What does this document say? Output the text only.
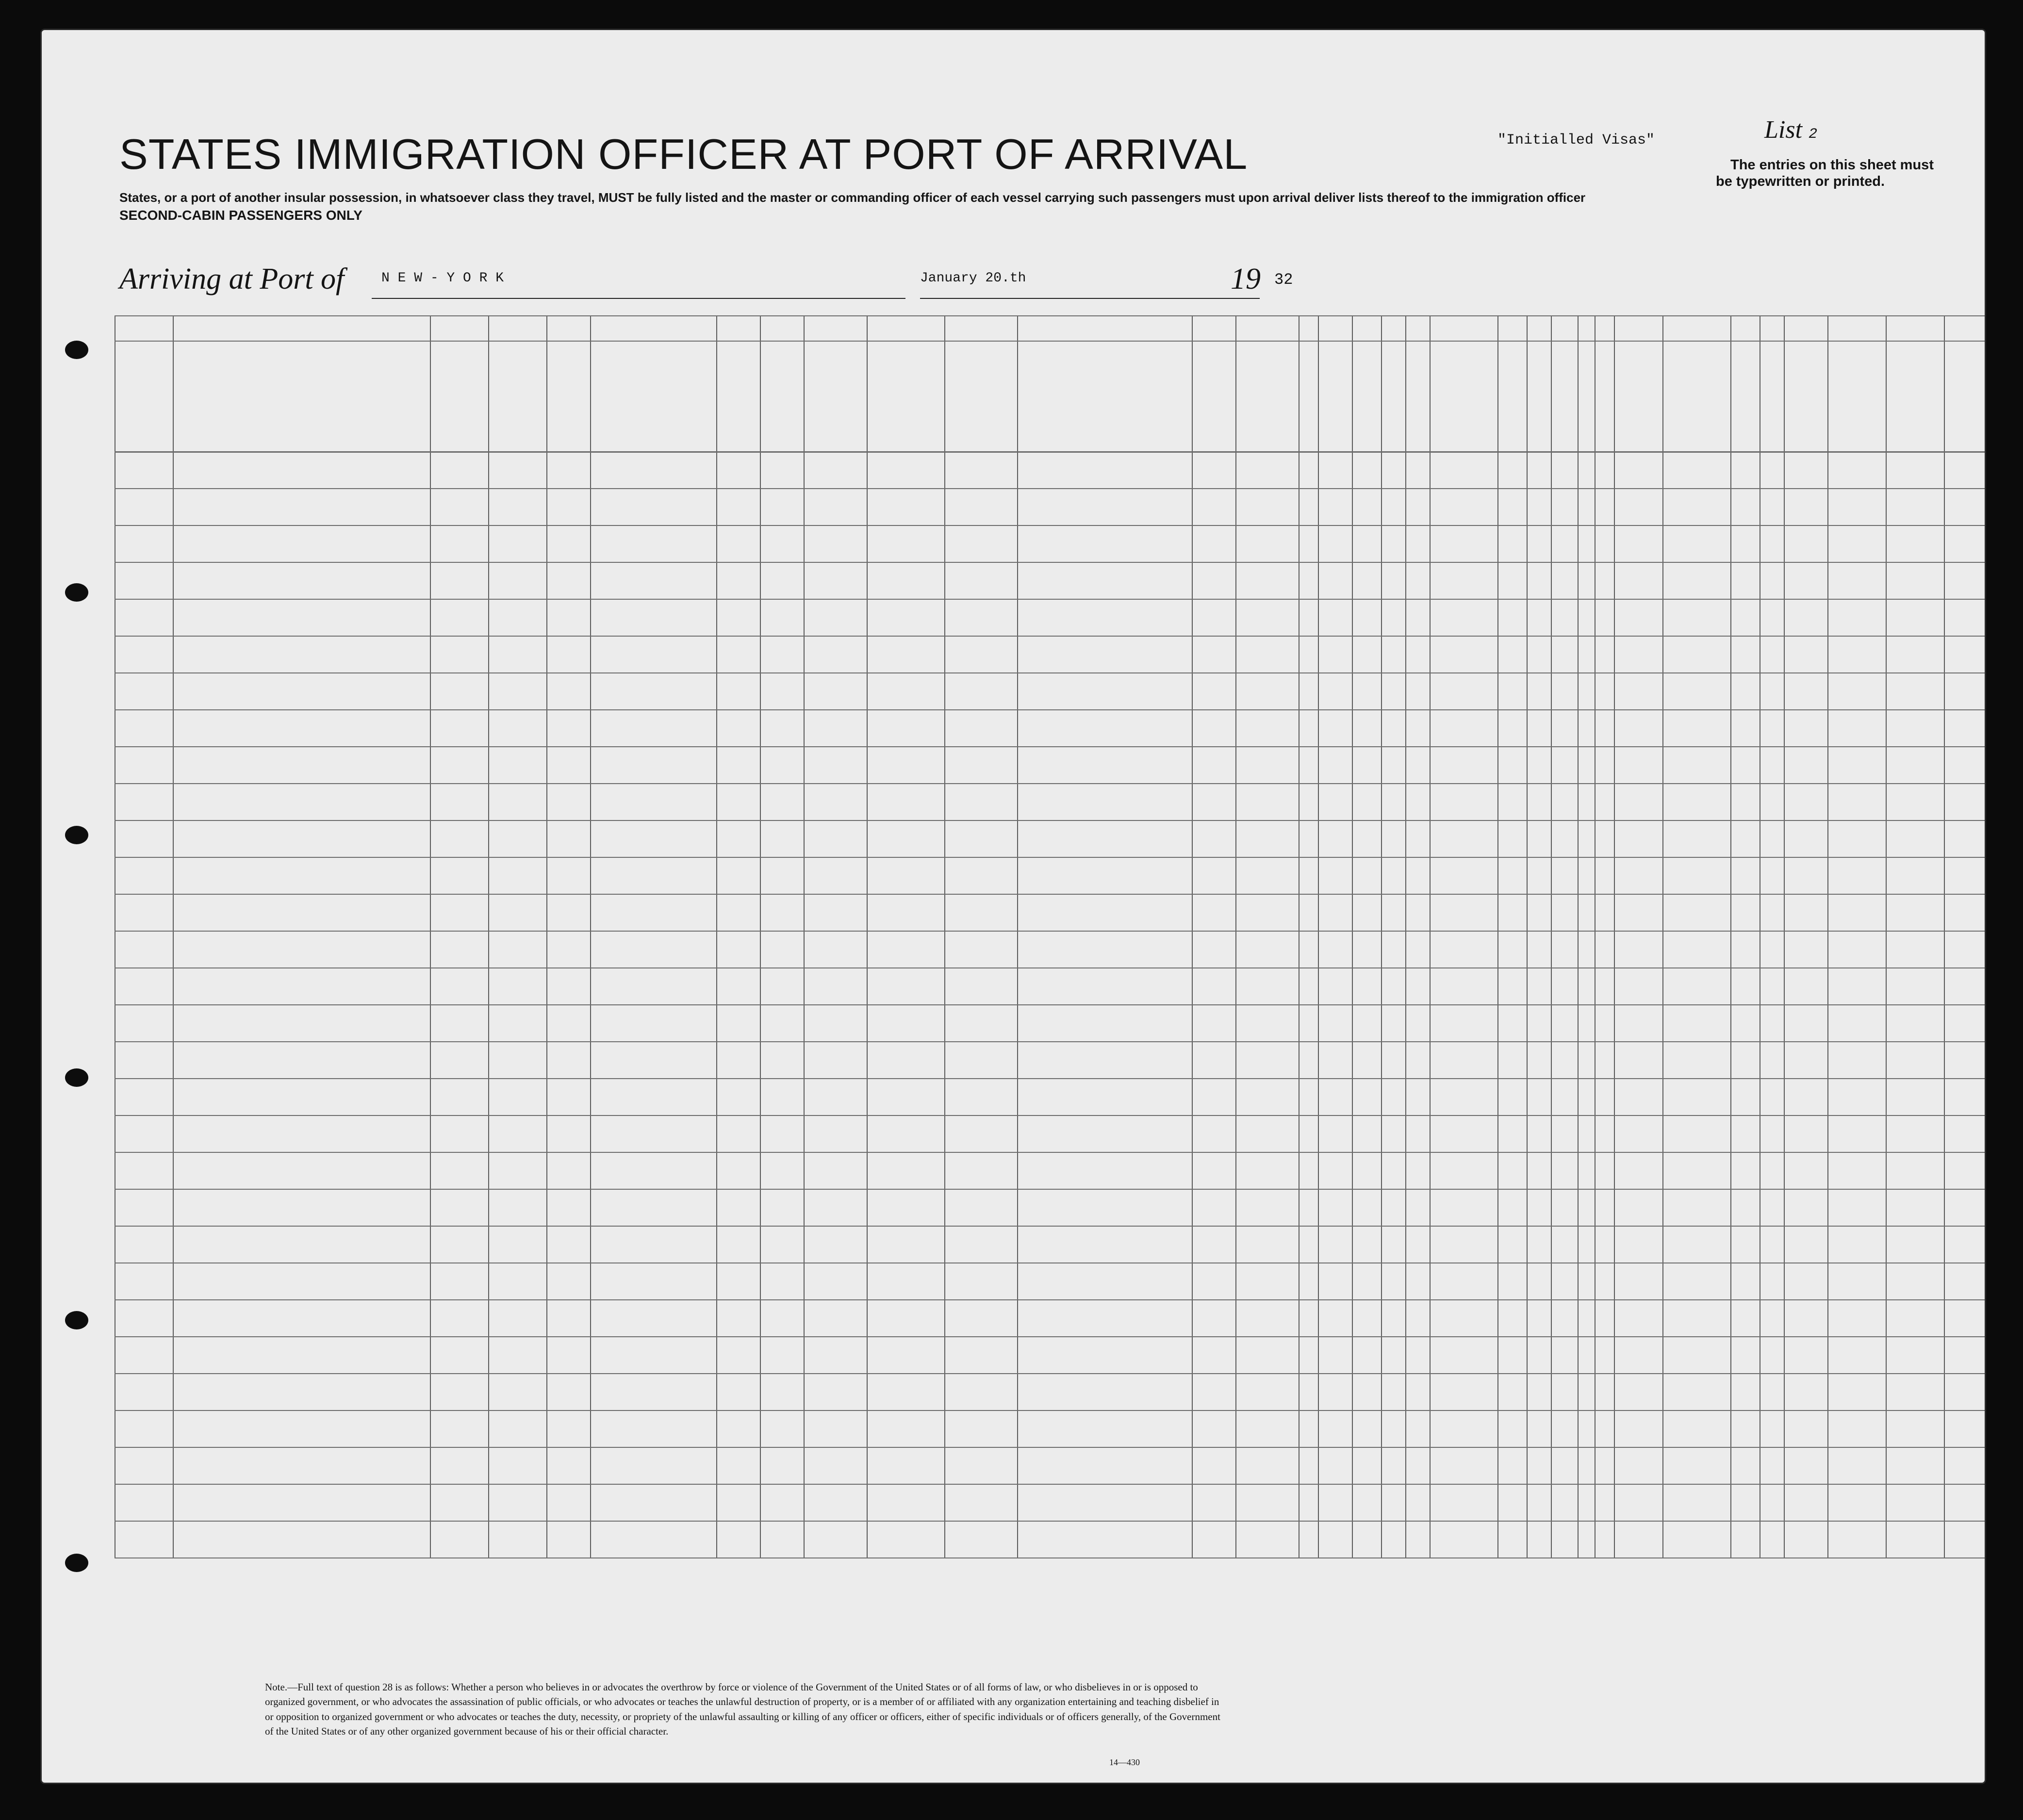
STATES IMMIGRATION OFFICER AT PORT OF ARRIVAL	"Initialled Visas"	List 2
The entries on this sheet must
be typewritten or printed.
States, or a port of another insular possession, in whatsoever class they travel, MUST be fully listed and the master or commanding officer of each vessel carrying such passengers must upon arrival deliver lists thereof to the immigration officer
SECOND-CABIN PASSENGERS ONLY
Arriving at Port of	N E W - Y O R K	January 20.th	19 32
Note.—Full text of question 28 is as follows: Whether a person who believes in or advocates the overthrow by force or violence of the Government of the United States or of all forms of law, or who disbelieves in or is opposed to organized government, or who advocates the assassination of public officials, or who advocates or teaches the unlawful destruction of property, or is a member of or affiliated with any organization entertaining and teaching disbelief in or opposition to organized government or who advocates or teaches the duty, necessity, or propriety of the unlawful assaulting or killing of any officer or officers, either of specific individuals or of officers generally, of the Government of the United States or of any other organized government because of his or their official character.
14—430
